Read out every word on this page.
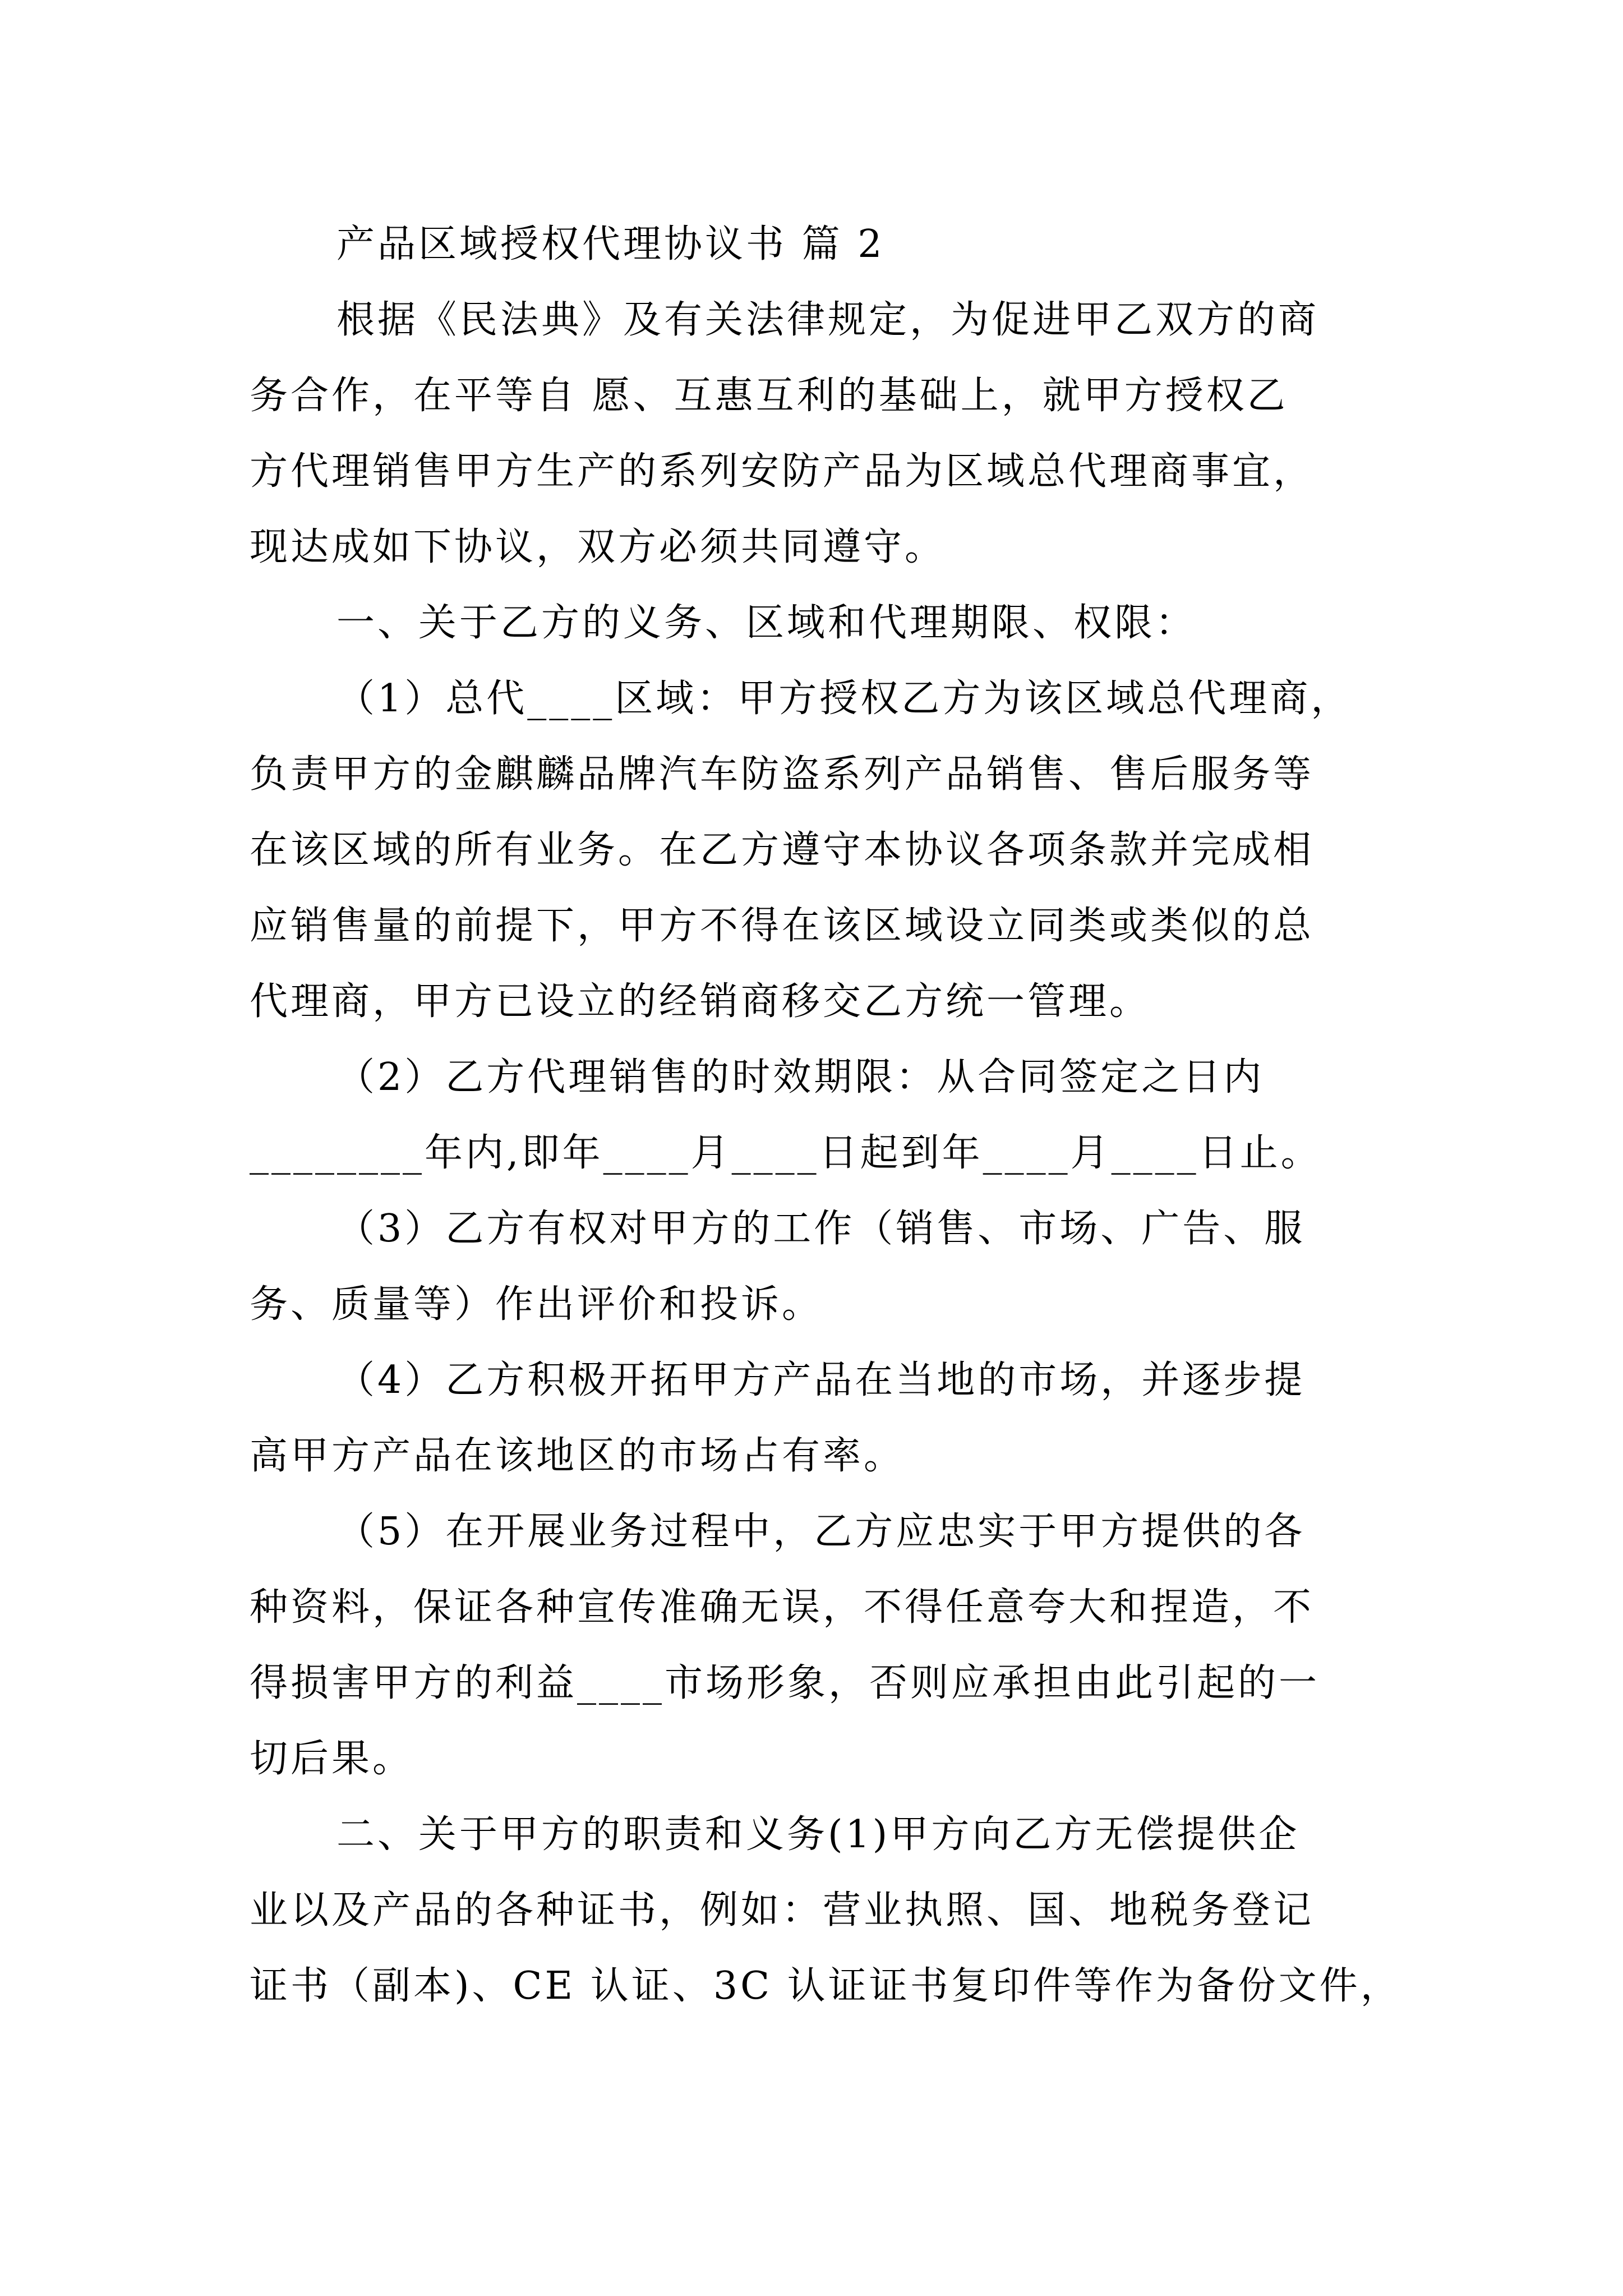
产品区域授权代理协议书 篇 2
根据《民法典》及有关法律规定，为促进甲乙双方的商
务合作，在平等自 愿、互惠互利的基础上，就甲方授权乙
方代理销售甲方生产的系列安防产品为区域总代理商事宜，
现达成如下协议，双方必须共同遵守。
一、关于乙方的义务、区域和代理期限、权限：
（1）总代____区域：甲方授权乙方为该区域总代理商，
负责甲方的金麒麟品牌汽车防盗系列产品销售、售后服务等
在该区域的所有业务。在乙方遵守本协议各项条款并完成相
应销售量的前提下，甲方不得在该区域设立同类或类似的总
代理商，甲方已设立的经销商移交乙方统一管理。
（2）乙方代理销售的时效期限：从合同签定之日内
________年内,即年____月____日起到年____月____日止。
（3）乙方有权对甲方的工作（销售、市场、广告、服
务、质量等）作出评价和投诉。
（4）乙方积极开拓甲方产品在当地的市场，并逐步提
高甲方产品在该地区的市场占有率。
（5）在开展业务过程中，乙方应忠实于甲方提供的各
种资料，保证各种宣传准确无误，不得任意夸大和捏造，不
得损害甲方的利益____市场形象，否则应承担由此引起的一
切后果。
二、关于甲方的职责和义务(1)甲方向乙方无偿提供企
业以及产品的各种证书，例如：营业执照、国、地税务登记
证书（副本)、CE 认证、3C 认证证书复印件等作为备份文件，
